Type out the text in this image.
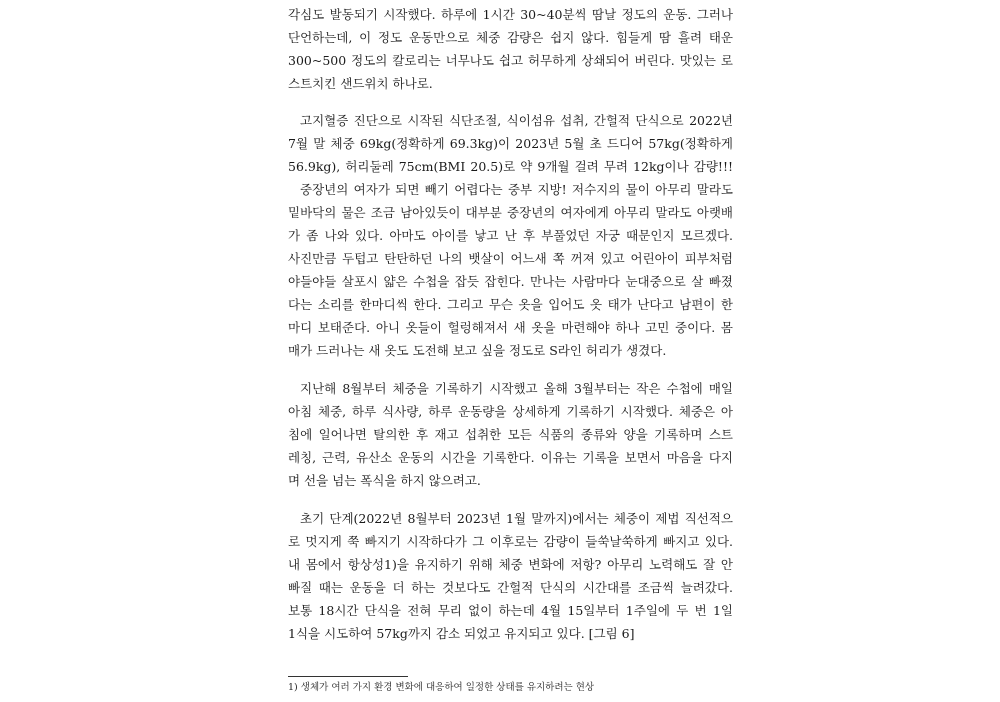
각심도 발동되기 시작했다. 하루에 1시간 30~40분씩 땀날 정도의 운동. 그러나
단언하는데, 이 정도 운동만으로 체중 감량은 쉽지 않다. 힘들게 땀 흘려 태운
300~500 정도의 칼로리는 너무나도 쉽고 허무하게 상쇄되어 버린다. 맛있는 로
스트치킨 샌드위치 하나로.
고지혈증 진단으로 시작된 식단조절, 식이섬유 섭취, 간헐적 단식으로 2022년
7월 말 체중 69kg(정확하게 69.3kg)이 2023년 5월 초 드디어 57kg(정확하게
56.9kg), 허리둘레 75cm(BMI 20.5)로 약 9개월 걸려 무려 12kg이나 감량!!!
중장년의 여자가 되면 빼기 어렵다는 중부 지방! 저수지의 물이 아무리 말라도
밑바닥의 물은 조금 남아있듯이 대부분 중장년의 여자에게 아무리 말라도 아랫배
가 좀 나와 있다. 아마도 아이를 낳고 난 후 부풀었던 자궁 때문인지 모르겠다.
사진만큼 두텁고 탄탄하던 나의 뱃살이 어느새 쪽 꺼져 있고 어린아이 피부처럼
야들야들 살포시 얇은 수첩을 잡듯 잡힌다. 만나는 사람마다 눈대중으로 살 빠졌
다는 소리를 한마디씩 한다. 그리고 무슨 옷을 입어도 옷 태가 난다고 남편이 한
마디 보태준다. 아니 옷들이 헐렁해져서 새 옷을 마련해야 하나 고민 중이다. 몸
매가 드러나는 새 옷도 도전해 보고 싶을 정도로 S라인 허리가 생겼다.
지난해 8월부터 체중을 기록하기 시작했고 올해 3월부터는 작은 수첩에 매일
아침 체중, 하루 식사량, 하루 운동량을 상세하게 기록하기 시작했다. 체중은 아
침에 일어나면 탈의한 후 재고 섭취한 모든 식품의 종류와 양을 기록하며 스트
레칭, 근력, 유산소 운동의 시간을 기록한다. 이유는 기록을 보면서 마음을 다지
며 선을 넘는 폭식을 하지 않으려고.
초기 단계(2022년 8월부터 2023년 1월 말까지)에서는 체중이 제법 직선적으
로 멋지게 쭉 빠지기 시작하다가 그 이후로는 감량이 들쑥날쑥하게 빠지고 있다.
내 몸에서 항상성1)을 유지하기 위해 체중 변화에 저항? 아무리 노력해도 잘 안
빠질 때는 운동을 더 하는 것보다도 간헐적 단식의 시간대를 조금씩 늘려갔다.
보통 18시간 단식을 전혀 무리 없이 하는데 4월 15일부터 1주일에 두 번 1일
1식을 시도하여 57kg까지 감소 되었고 유지되고 있다. [그림 6]
1) 생체가 여러 가지 환경 변화에 대응하여 일정한 상태를 유지하려는 현상
